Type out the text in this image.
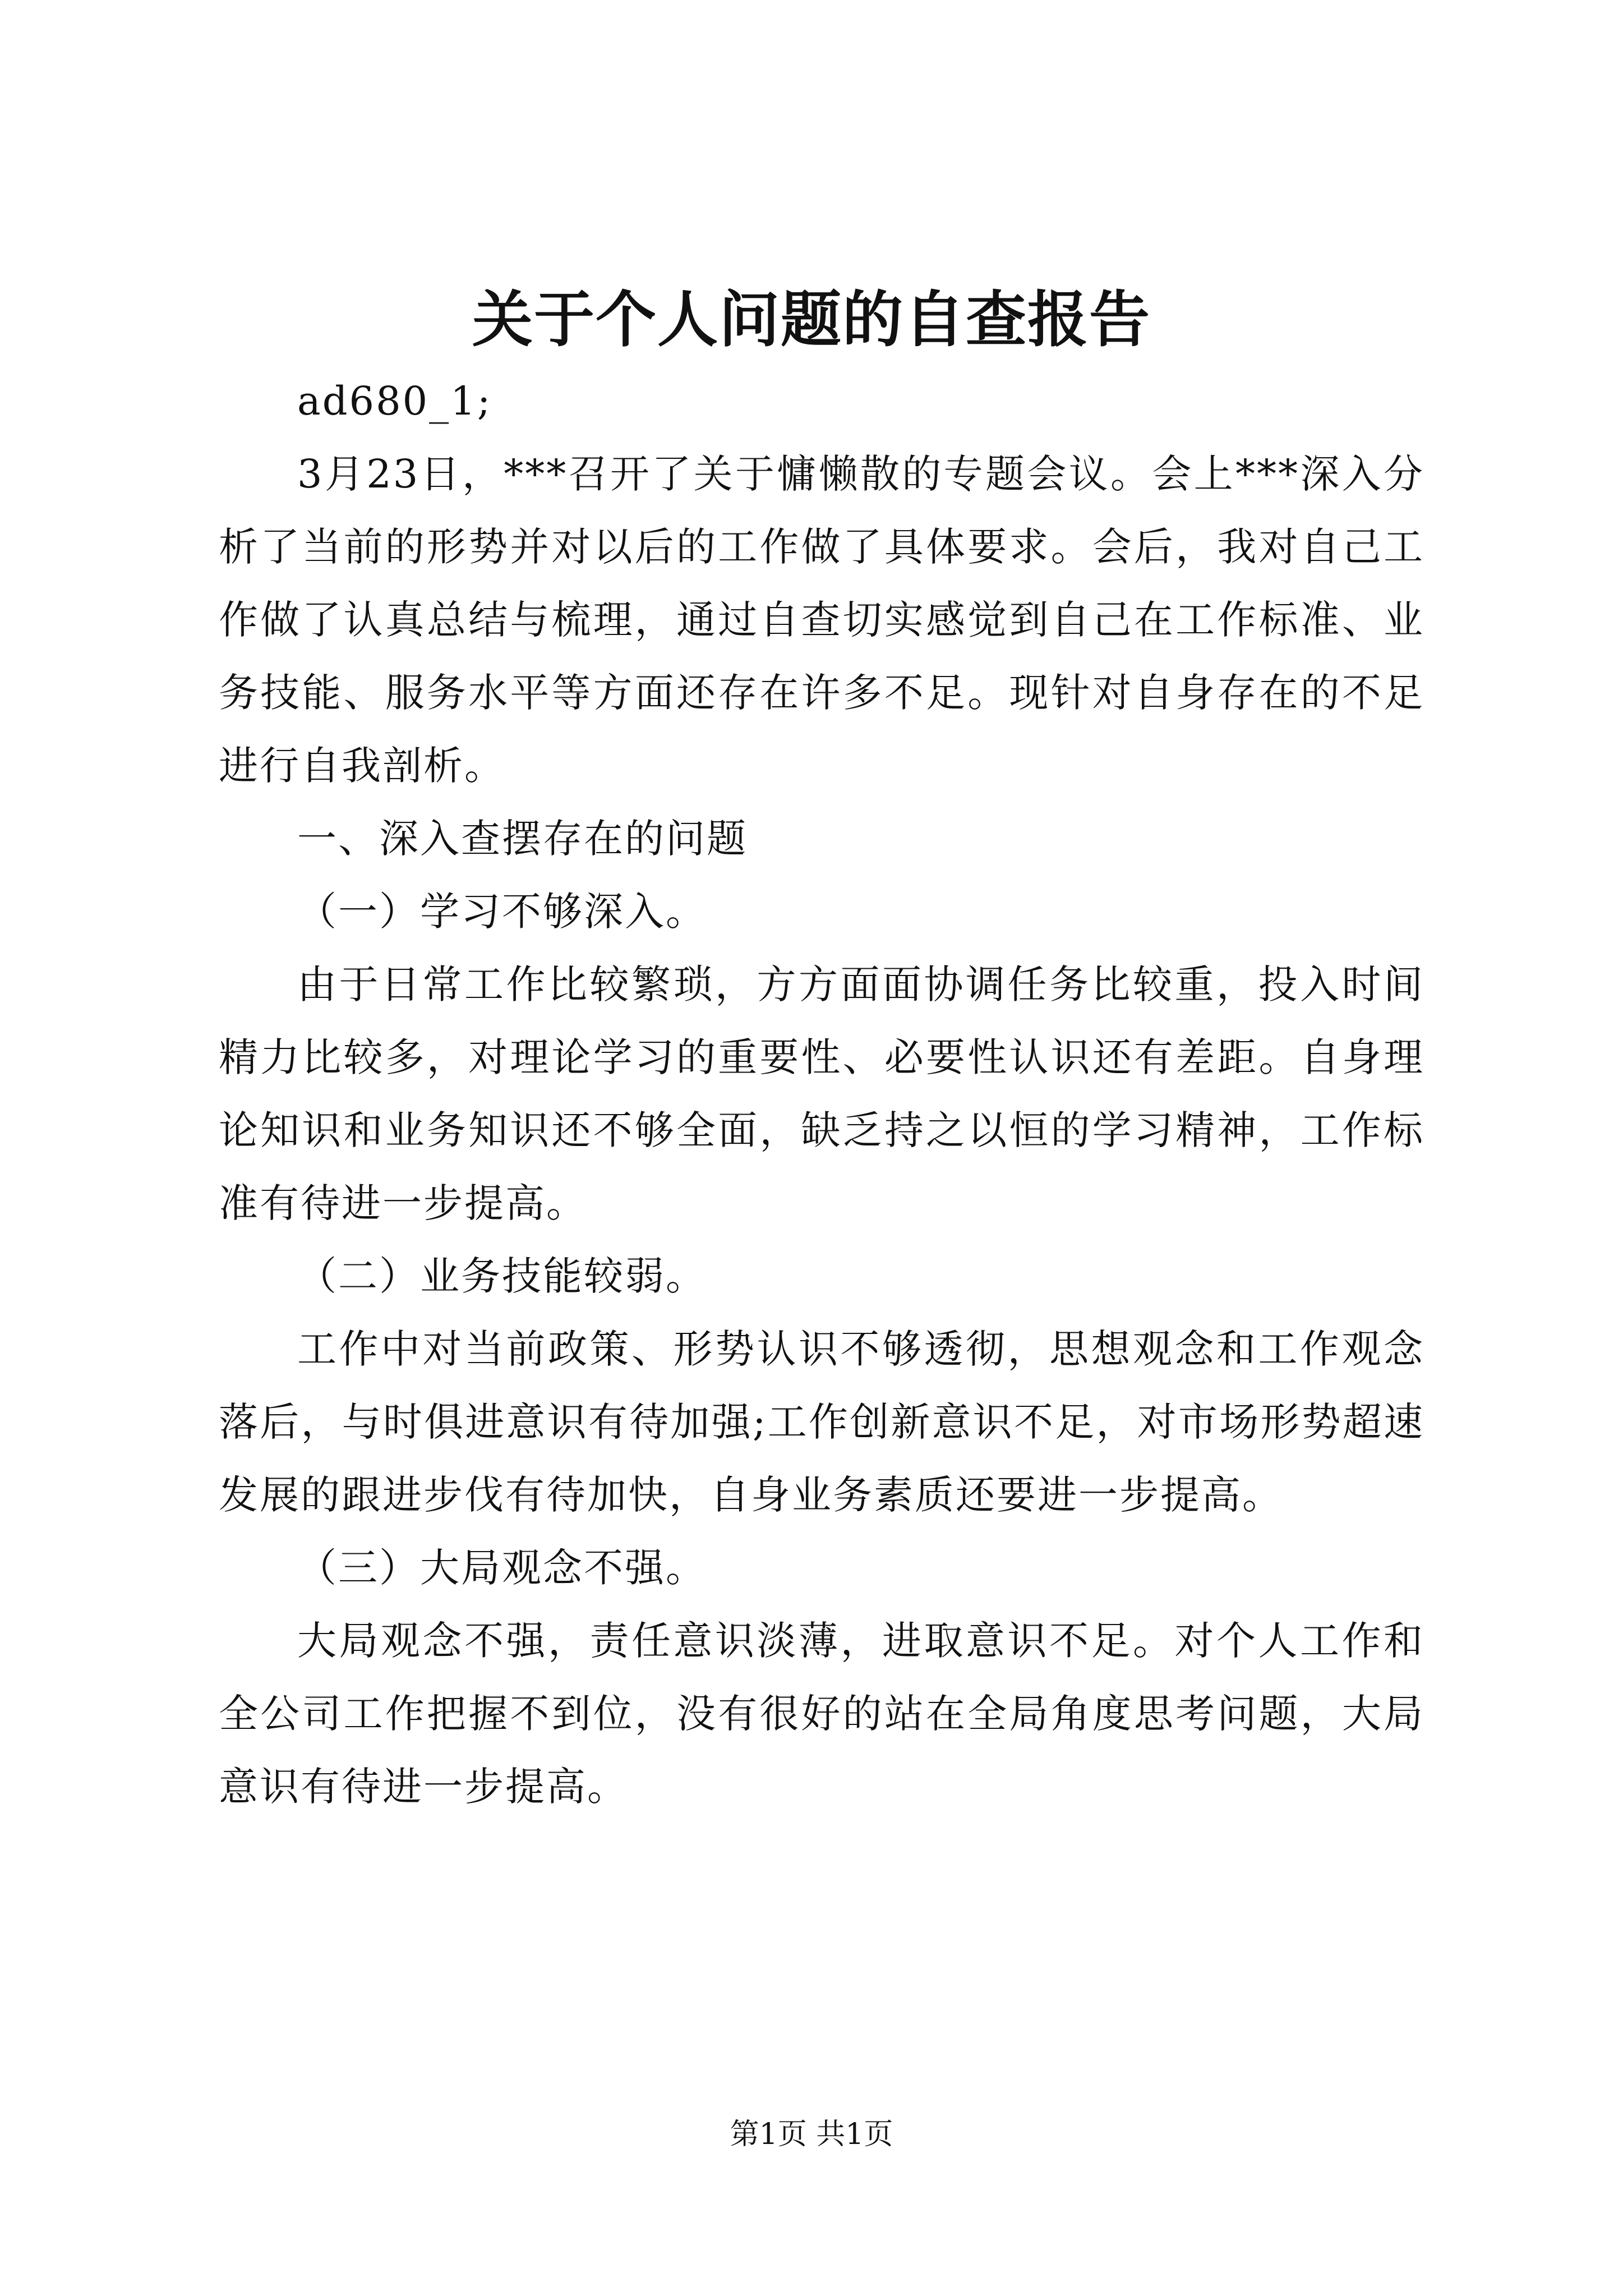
关于个人问题的自查报告

ad680_1;

3月23日，***召开了关于慵懒散的专题会议。会上***深入分析了当前的形势并对以后的工作做了具体要求。会后，我对自己工作做了认真总结与梳理，通过自查切实感觉到自己在工作标准、业务技能、服务水平等方面还存在许多不足。现针对自身存在的不足进行自我剖析。

一、深入查摆存在的问题

（一）学习不够深入。

由于日常工作比较繁琐，方方面面协调任务比较重，投入时间精力比较多，对理论学习的重要性、必要性认识还有差距。自身理论知识和业务知识还不够全面，缺乏持之以恒的学习精神，工作标准有待进一步提高。

（二）业务技能较弱。

工作中对当前政策、形势认识不够透彻，思想观念和工作观念落后，与时俱进意识有待加强;工作创新意识不足，对市场形势超速发展的跟进步伐有待加快，自身业务素质还要进一步提高。

（三）大局观念不强。

大局观念不强，责任意识淡薄，进取意识不足。对个人工作和全公司工作把握不到位，没有很好的站在全局角度思考问题，大局意识有待进一步提高。

第1页 共1页
